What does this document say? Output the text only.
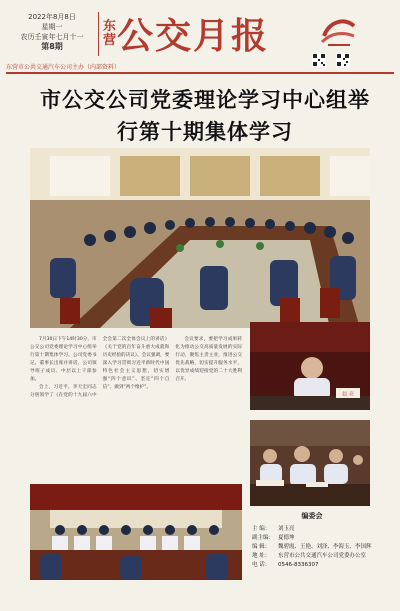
2022年8月8日
星期一
农历壬寅年七月十一
第8期
东营 公交月报
东营市公共交通汽车公司主办（内部资料）
市公交公司党委理论学习中心组举行第十期集体学习

7月30日下午14时30分，市公交公司党委理论学习中心组举行第十期集体学习。公司党委书记、董事长出席并讲话，公司领导班子成员、中层以上干部参加。

会上，习近平、李天宏同志分别领学了《在党的十九届六中全会第二次全体会议上的讲话》《关于党的百年奋斗重大成就和历史经验的决议》。会议强调，要深入学习贯彻习近平新时代中国特色社会主义思想，切实增强“四个意识”、坚定“四个自信”、做到“两个维护”。

会议要求，要把学习成果转化为推动公交高质量发展的实际行动，聚焦主责主业，推进公交优先战略，切实提升服务水平，以优异成绩迎接党的二十大胜利召开。

赵 亮
编委会
主 编：	刘玉亮
副主编： 夏德坤
编 辑：	魏碧霞、王艳、刘泽、李海玉、李国辉
地 址：	东营市公共交通汽车公司党委办公室
电 话：	0546-8336307
